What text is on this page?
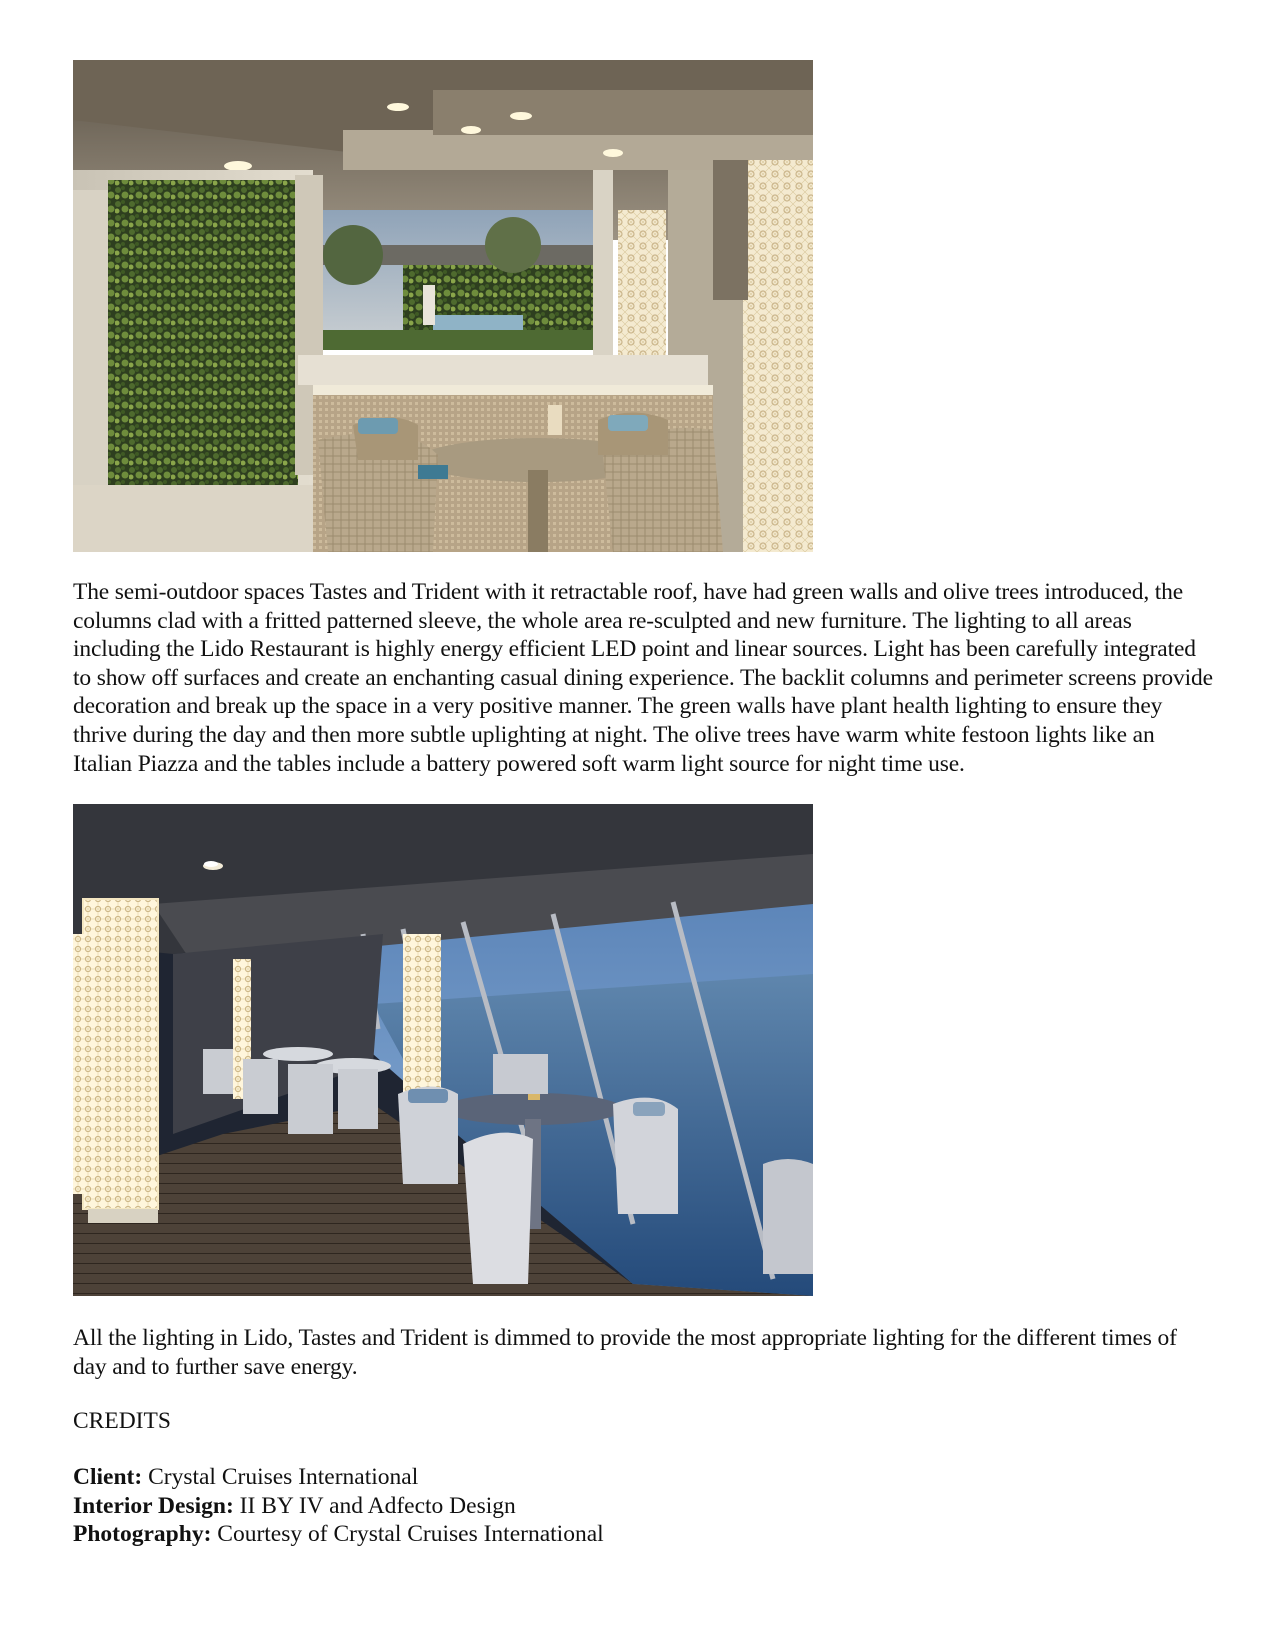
The semi-outdoor spaces Tastes and Trident with it retractable roof, have had green walls and olive trees introduced, the columns clad with a fritted patterned sleeve, the whole area re-sculpted and new furniture. The lighting to all areas including the Lido Restaurant is highly energy efficient LED point and linear sources. Light has been carefully integrated to show off surfaces and create an enchanting casual dining experience. The backlit columns and perimeter screens provide decoration and break up the space in a very positive manner. The green walls have plant health lighting to ensure they thrive during the day and then more subtle uplighting at night. The olive trees have warm white festoon lights like an Italian Piazza and the tables include a battery powered soft warm light source for night time use.

All the lighting in Lido, Tastes and Trident is dimmed to provide the most appropriate lighting for the different times of day and to further save energy.

CREDITS

Client: Crystal Cruises International

Interior Design: II BY IV and Adfecto Design

Photography: Courtesy of Crystal Cruises International
